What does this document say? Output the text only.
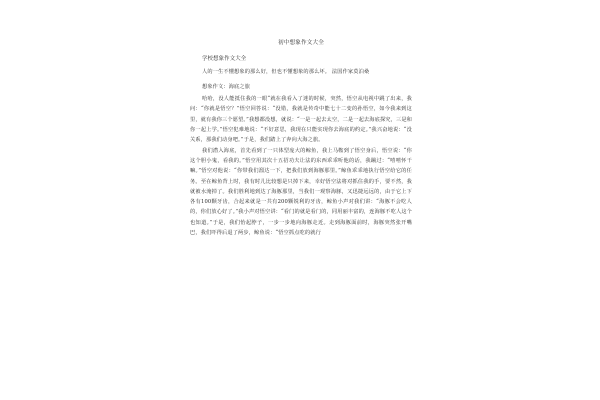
初中想象作文大全
学校想象作文大全

人的一生不懂想象的那么好，但也不懂想象的那么坏。 法国作家莫泊桑

想象作文：海底之旅

哈哈，没人能抵住我的一眼“就在我看入了迷的时候，突然，悟空从电视中跳了出来，我问：“你就是悟空？”悟空回答说：“没错，我就是传奇中能七十二变的孙悟空，如今我来到这里，就有我你三个愿望。”我想都没想，就说：“一是一起去太空，二是一起去海底探究，三是和你一起上学。”悟空犯难地说：“不好意思，我现在只能实现你去海底的约定。”我兴奋地说：“没关系，那我们动身吧。”于是，我们踏上了奔向大海之旅。

我们潜入海底，首先看到了一只体型庞大的鲸鱼，我上马鞍到了悟空身后，悟空说：“你这个胆小鬼，看我的。”悟空用其次十五招功夫让法的东西乖乖听他的话，我蹦过：“嘻嘻怀干嘛。”悟空对他说：“你带我们溜达一下，把我们放到海豚那里。”鲸鱼乖乖地执行悟空给它的任务。至在鲸鱼背上时，我有时儿比较想是只掉下来，幸好悟空法将对抓住我的手，要不然，我就被水淹掉了。我们胜利地到达了海豚那里，当我们一观察海豚，又迅捷远远的，由于它上下各有100颗牙齿，合起来就是一共有200颗锐利的牙齿，鲸鱼小声对我们讲：“海豚不会吃人的，你们放心好了。”我小声对悟空讲：“看门的就是看门的，同用丽丰富的，连海豚不吃人这个也知道。”于是，我们怡起脖子，一步一步地向海豚走近。走到海豚面前时，海豚突然张开嘴巴，我们吓得后退了两步，鲸鱼说：“悟空抓点吃的就行
